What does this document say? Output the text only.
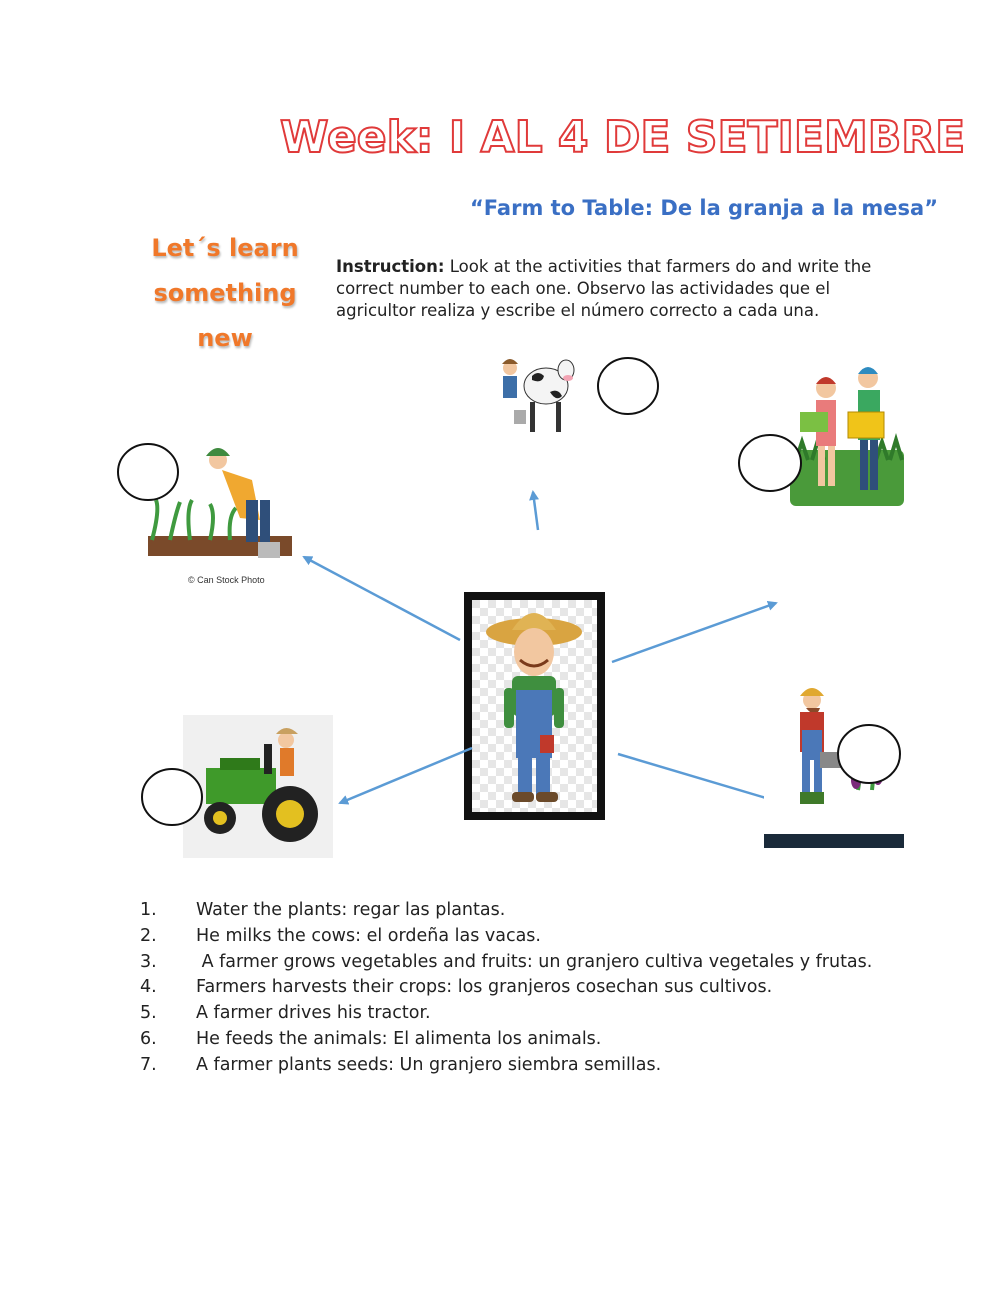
Week: I AL 4 DE SETIEMBRE
“Farm to Table: De la granja a la mesa”
Let´s learn
something
new
Instruction: Look at the activities that farmers do and write the correct number to each one. Observo las actividades que el agricultor realiza y escribe el número correcto a cada una.
© Can Stock Photo
1.	Water the plants: regar las plantas.
2.	He milks the cows: el ordeña las vacas.
3. A farmer grows vegetables and fruits: un granjero cultiva vegetales y frutas.
4.	Farmers harvests their crops: los granjeros cosechan sus cultivos.
5.	A farmer drives his tractor.
6.	He feeds the animals: El alimenta los animals.
7.	A farmer plants seeds: Un granjero siembra semillas.
